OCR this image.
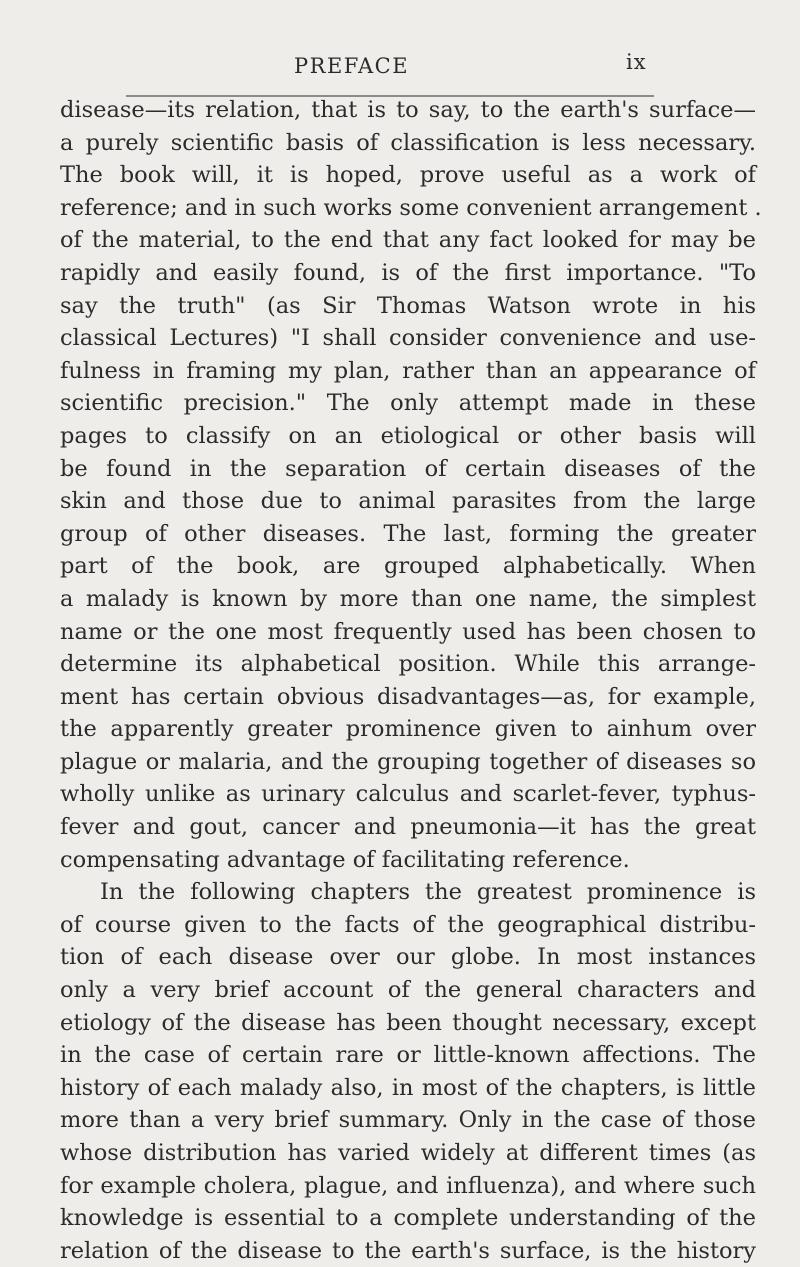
PREFACE	ix
disease—its relation, that is to say, to the earth's surface—
a purely scientific basis of classification is less necessary.
The book will, it is hoped, prove useful as a work of
reference; and in such works some convenient arrangement .
of the material, to the end that any fact looked for may be
rapidly and easily found, is of the first importance. "To
say the truth" (as Sir Thomas Watson wrote in his
classical Lectures) "I shall consider convenience and use-
fulness in framing my plan, rather than an appearance of
scientific precision." The only attempt made in these
pages to classify on an etiological or other basis will
be found in the separation of certain diseases of the
skin and those due to animal parasites from the large
group of other diseases. The last, forming the greater
part of the book, are grouped alphabetically. When
a malady is known by more than one name, the simplest
name or the one most frequently used has been chosen to
determine its alphabetical position. While this arrange-
ment has certain obvious disadvantages—as, for example,
the apparently greater prominence given to ainhum over
plague or malaria, and the grouping together of diseases so
wholly unlike as urinary calculus and scarlet-fever, typhus-
fever and gout, cancer and pneumonia—it has the great
compensating advantage of facilitating reference.
In the following chapters the greatest prominence is
of course given to the facts of the geographical distribu-
tion of each disease over our globe. In most instances
only a very brief account of the general characters and
etiology of the disease has been thought necessary, except
in the case of certain rare or little-known affections. The
history of each malady also, in most of the chapters, is little
more than a very brief summary. Only in the case of those
whose distribution has varied widely at different times (as
for example cholera, plague, and influenza), and where such
knowledge is essential to a complete understanding of the
relation of the disease to the earth's surface, is the history
